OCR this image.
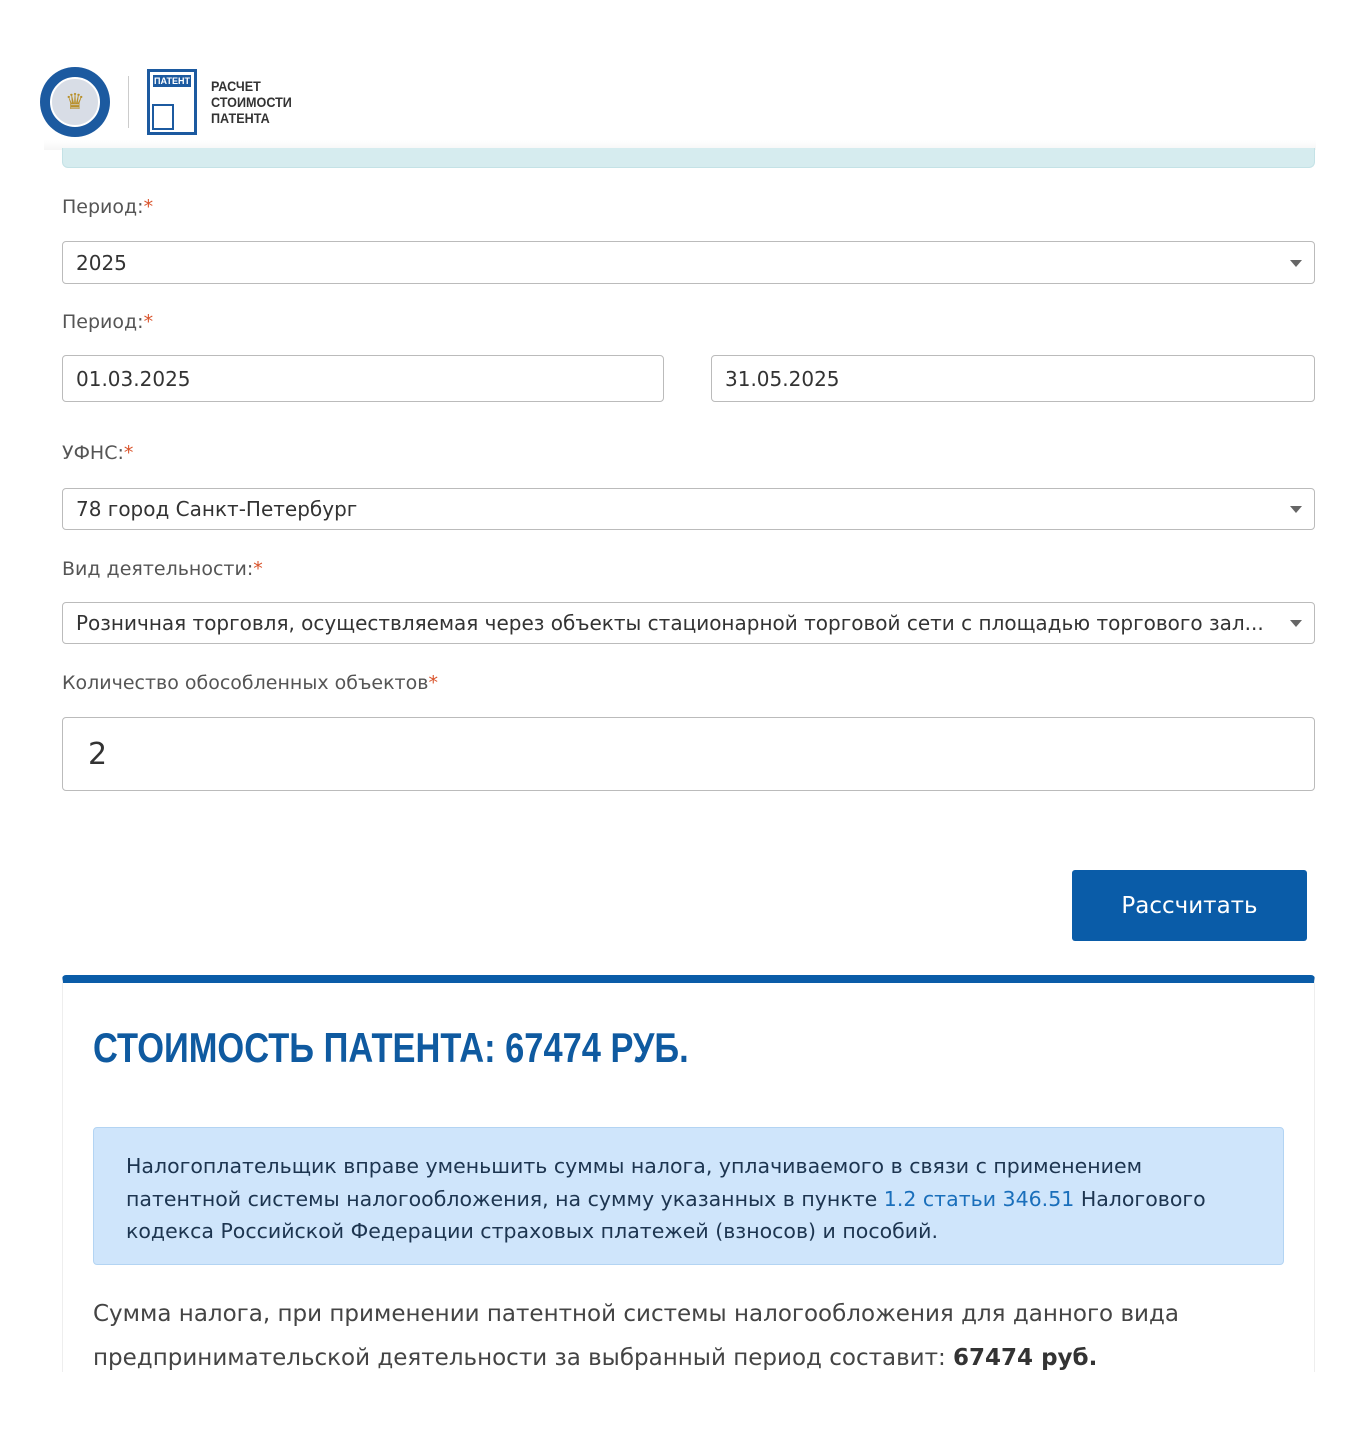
♛
ПАТЕНТ РАСЧЕТ
СТОИМОСТИ
ПАТЕНТА
Период:*
2025
Период:*
01.03.2025	31.05.2025
УФНС:*
78 город Санкт-Петербург
Вид деятельности:*
Розничная торговля, осуществляемая через объекты стационарной торговой сети с площадью торгового зал...
Количество обособленных объектов*
2
Рассчитать
СТОИМОСТЬ ПАТЕНТА: 67474 РУБ.
Налогоплательщик вправе уменьшить суммы налога, уплачиваемого в связи с применением патентной системы налогообложения, на сумму указанных в пункте 1.2 статьи 346.51 Налогового кодекса Российской Федерации страховых платежей (взносов) и пособий.
Сумма налога, при применении патентной системы налогообложения для данного вида предпринимательской деятельности за выбранный период составит: 67474 руб.
